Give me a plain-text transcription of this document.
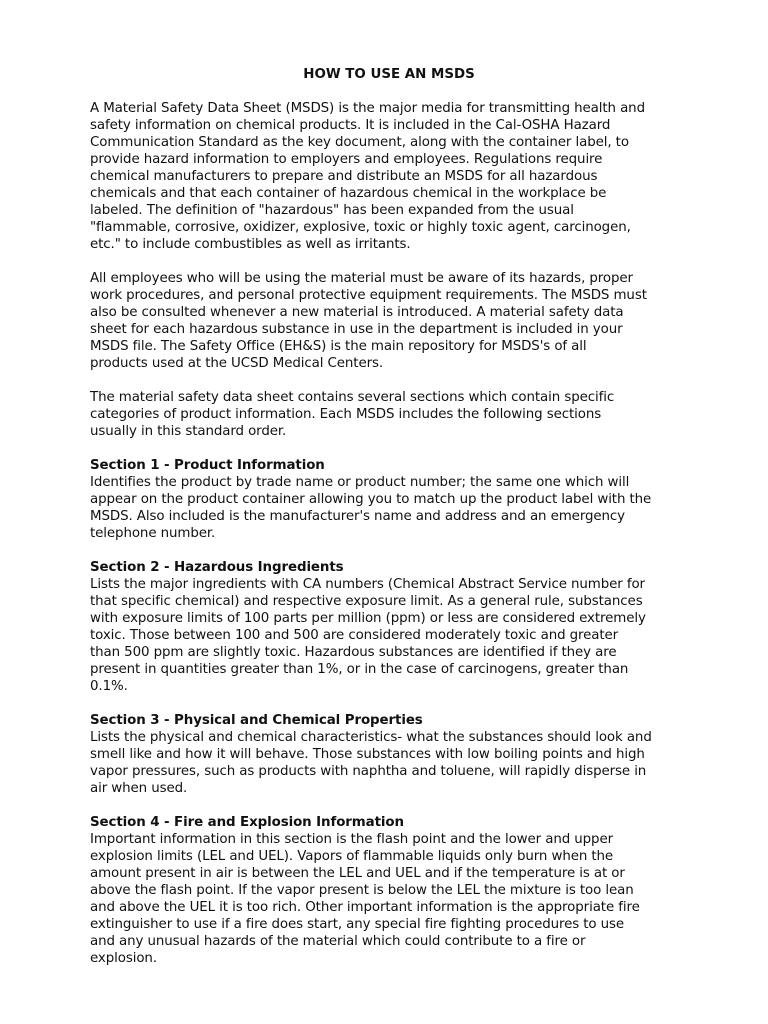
HOW TO USE AN MSDS

A Material Safety Data Sheet (MSDS) is the major media for transmitting health and
safety information on chemical products. It is included in the Cal-OSHA Hazard
Communication Standard as the key document, along with the container label, to
provide hazard information to employers and employees. Regulations require
chemical manufacturers to prepare and distribute an MSDS for all hazardous
chemicals and that each container of hazardous chemical in the workplace be
labeled. The definition of "hazardous" has been expanded from the usual
"flammable, corrosive, oxidizer, explosive, toxic or highly toxic agent, carcinogen,
etc." to include combustibles as well as irritants.

All employees who will be using the material must be aware of its hazards, proper
work procedures, and personal protective equipment requirements. The MSDS must
also be consulted whenever a new material is introduced. A material safety data
sheet for each hazardous substance in use in the department is included in your
MSDS file. The Safety Office (EH&S) is the main repository for MSDS's of all
products used at the UCSD Medical Centers.

The material safety data sheet contains several sections which contain specific
categories of product information. Each MSDS includes the following sections
usually in this standard order.

Section 1 - Product Information

Identifies the product by trade name or product number; the same one which will
appear on the product container allowing you to match up the product label with the
MSDS. Also included is the manufacturer's name and address and an emergency
telephone number.

Section 2 - Hazardous Ingredients

Lists the major ingredients with CA numbers (Chemical Abstract Service number for
that specific chemical) and respective exposure limit. As a general rule, substances
with exposure limits of 100 parts per million (ppm) or less are considered extremely
toxic. Those between 100 and 500 are considered moderately toxic and greater
than 500 ppm are slightly toxic. Hazardous substances are identified if they are
present in quantities greater than 1%, or in the case of carcinogens, greater than
0.1%.

Section 3 - Physical and Chemical Properties

Lists the physical and chemical characteristics- what the substances should look and
smell like and how it will behave. Those substances with low boiling points and high
vapor pressures, such as products with naphtha and toluene, will rapidly disperse in
air when used.

Section 4 - Fire and Explosion Information

Important information in this section is the flash point and the lower and upper
explosion limits (LEL and UEL). Vapors of flammable liquids only burn when the
amount present in air is between the LEL and UEL and if the temperature is at or
above the flash point. If the vapor present is below the LEL the mixture is too lean
and above the UEL it is too rich. Other important information is the appropriate fire
extinguisher to use if a fire does start, any special fire fighting procedures to use
and any unusual hazards of the material which could contribute to a fire or
explosion.
